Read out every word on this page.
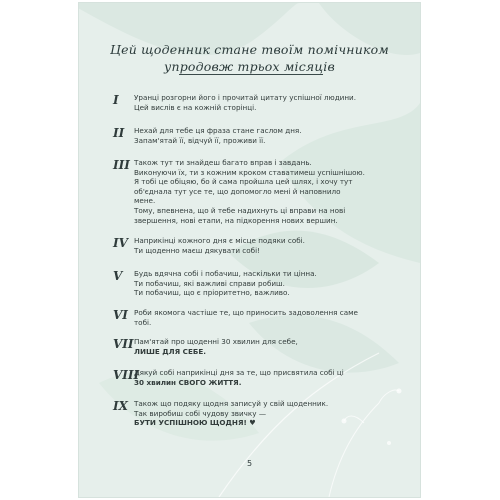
Цей щоденник стане твоїм помічником
упродовж трьох місяців
I	Уранці розгорни його і прочитай цитату успішної людини.

Цей вислів є на кожній сторінці.

II	Нехай для тебе ця фраза стане гаслом дня.

Запам'ятай її, відчуй її, проживи її.

III Також тут ти знайдеш багато вправ і завдань.

Виконуючи їх, ти з кожним кроком ставатимеш успішнішою.

Я тобі це обіцяю, бо й сама пройшла цей шлях, і хочу тут

об'єднала тут усе те, що допомогло мені й наповнило

мене.

Тому, впевнена, що й тебе надихнуть ці вправи на нові

звершення, нові етапи, на підкорення нових вершин.

IV Наприкінці кожного дня є місце подяки собі.

Ти щоденно маєш дякувати собі!

V	Будь вдячна собі і побачиш, наскільки ти цінна.

Ти побачиш, які важливі справи робиш.

Ти побачиш, що є пріоритетно, важливо.

VI Роби якомога частіше те, що приносить задоволення саме

тобі.

VII Пам'ятай про щоденні 30 хвилин для себе,

ЛИШЕ ДЛЯ СЕБЕ.

VIII

Дякуй собі наприкінці дня за те, що присвятила собі ці

30 хвилин СВОГО ЖИТТЯ.

IX Також що подяку щодня записуй у свій щоденник.

Так виробиш собі чудову звичку —

БУТИ УСПІШНОЮ ЩОДНЯ! ♥

5
